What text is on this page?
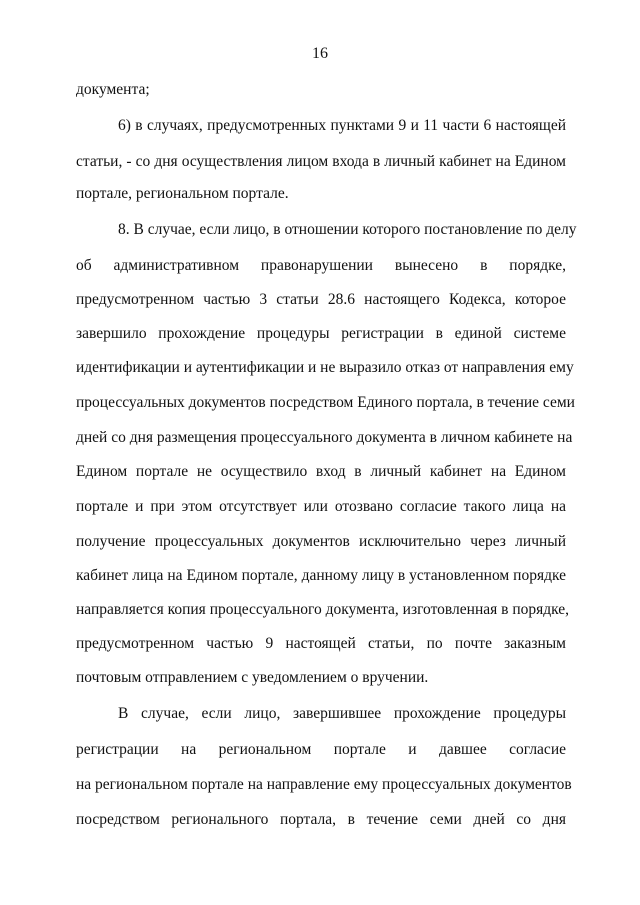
16
документа;
6) в случаях, предусмотренных пунктами 9 и 11 части 6 настоящей
статьи, - со дня осуществления лицом входа в личный кабинет на Едином
портале, региональном портале.
8. В случае, если лицо, в отношении которого постановление по делу
об административном правонарушении вынесено в порядке,
предусмотренном частью 3 статьи 28.6 настоящего Кодекса, которое
завершило прохождение процедуры регистрации в единой системе
идентификации и аутентификации и не выразило отказ от направления ему
процессуальных документов посредством Единого портала, в течение семи
дней со дня размещения процессуального документа в личном кабинете на
Едином портале не осуществило вход в личный кабинет на Едином
портале и при этом отсутствует или отозвано согласие такого лица на
получение процессуальных документов исключительно через личный
кабинет лица на Едином портале, данному лицу в установленном порядке
направляется копия процессуального документа, изготовленная в порядке,
предусмотренном частью 9 настоящей статьи, по почте заказным
почтовым отправлением с уведомлением о вручении.
В случае, если лицо, завершившее прохождение процедуры
регистрации на региональном портале и давшее согласие
на региональном портале на направление ему процессуальных документов
посредством регионального портала, в течение семи дней со дня
